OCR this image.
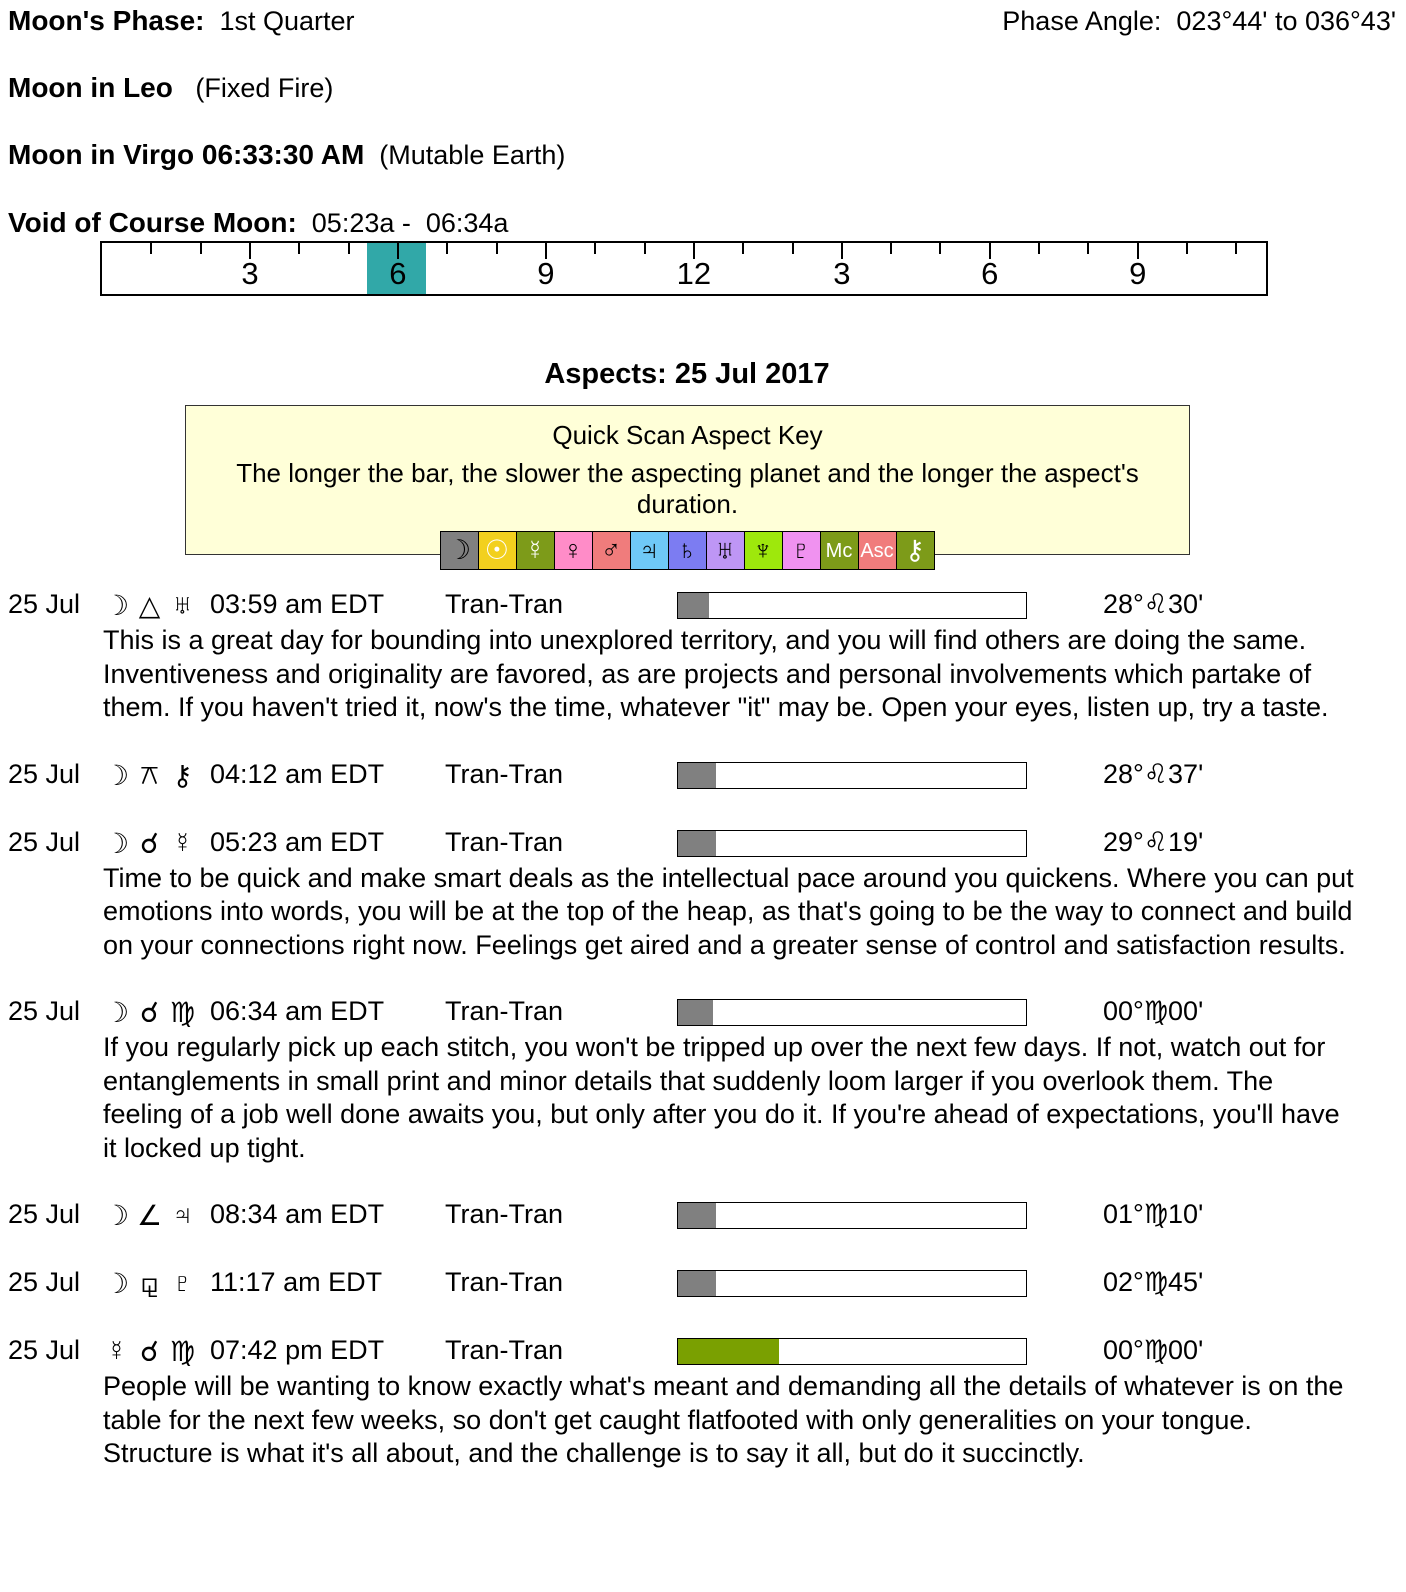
Moon's Phase:  1st Quarter	Phase Angle:  023°44' to 036°43'
Moon in Leo   (Fixed Fire)
Moon in Virgo 06:33:30 AM  (Mutable Earth)
Void of Course Moon:  05:23a -  06:34a
3	6	9	12	3	6	9
Aspects: 25 Jul 2017
Quick Scan Aspect Key
The longer the bar, the slower the aspecting planet and the longer the aspect's duration.
☽ ☉ ☿ ♀ ♂ ♃ ♄ ♅ ♆ ♇ Mc Asc ⚷
25 Jul ☽ △ ♅ 03:59 am EDT Tran-Tran	28°♌30'
This is a great day for bounding into unexplored territory, and you will find others are doing the same. Inventiveness and originality are favored, as are projects and personal involvements which partake of them. If you haven't tried it, now's the time, whatever "it" may be. Open your eyes, listen up, try a taste.
25 Jul ☽ ⚻ ⚷ 04:12 am EDT Tran-Tran	28°♌37'
25 Jul ☽ ☌ ☿ 05:23 am EDT Tran-Tran	29°♌19'
Time to be quick and make smart deals as the intellectual pace around you quickens. Where you can put emotions into words, you will be at the top of the heap, as that's going to be the way to connect and build on your connections right now. Feelings get aired and a greater sense of control and satisfaction results.
25 Jul ☽ ☌ ♍ 06:34 am EDT Tran-Tran	00°♍00'
If you regularly pick up each stitch, you won't be tripped up over the next few days. If not, watch out for entanglements in small print and minor details that suddenly loom larger if you overlook them. The feeling of a job well done awaits you, but only after you do it. If you're ahead of expectations, you'll have it locked up tight.
25 Jul ☽ ∠ ♃ 08:34 am EDT Tran-Tran	01°♍10'
25 Jul ☽ ⚼ ♇ 11:17 am EDT Tran-Tran	02°♍45'
25 Jul ☿ ☌ ♍ 07:42 pm EDT Tran-Tran	00°♍00'
People will be wanting to know exactly what's meant and demanding all the details of whatever is on the table for the next few weeks, so don't get caught flatfooted with only generalities on your tongue. Structure is what it's all about, and the challenge is to say it all, but do it succinctly.
